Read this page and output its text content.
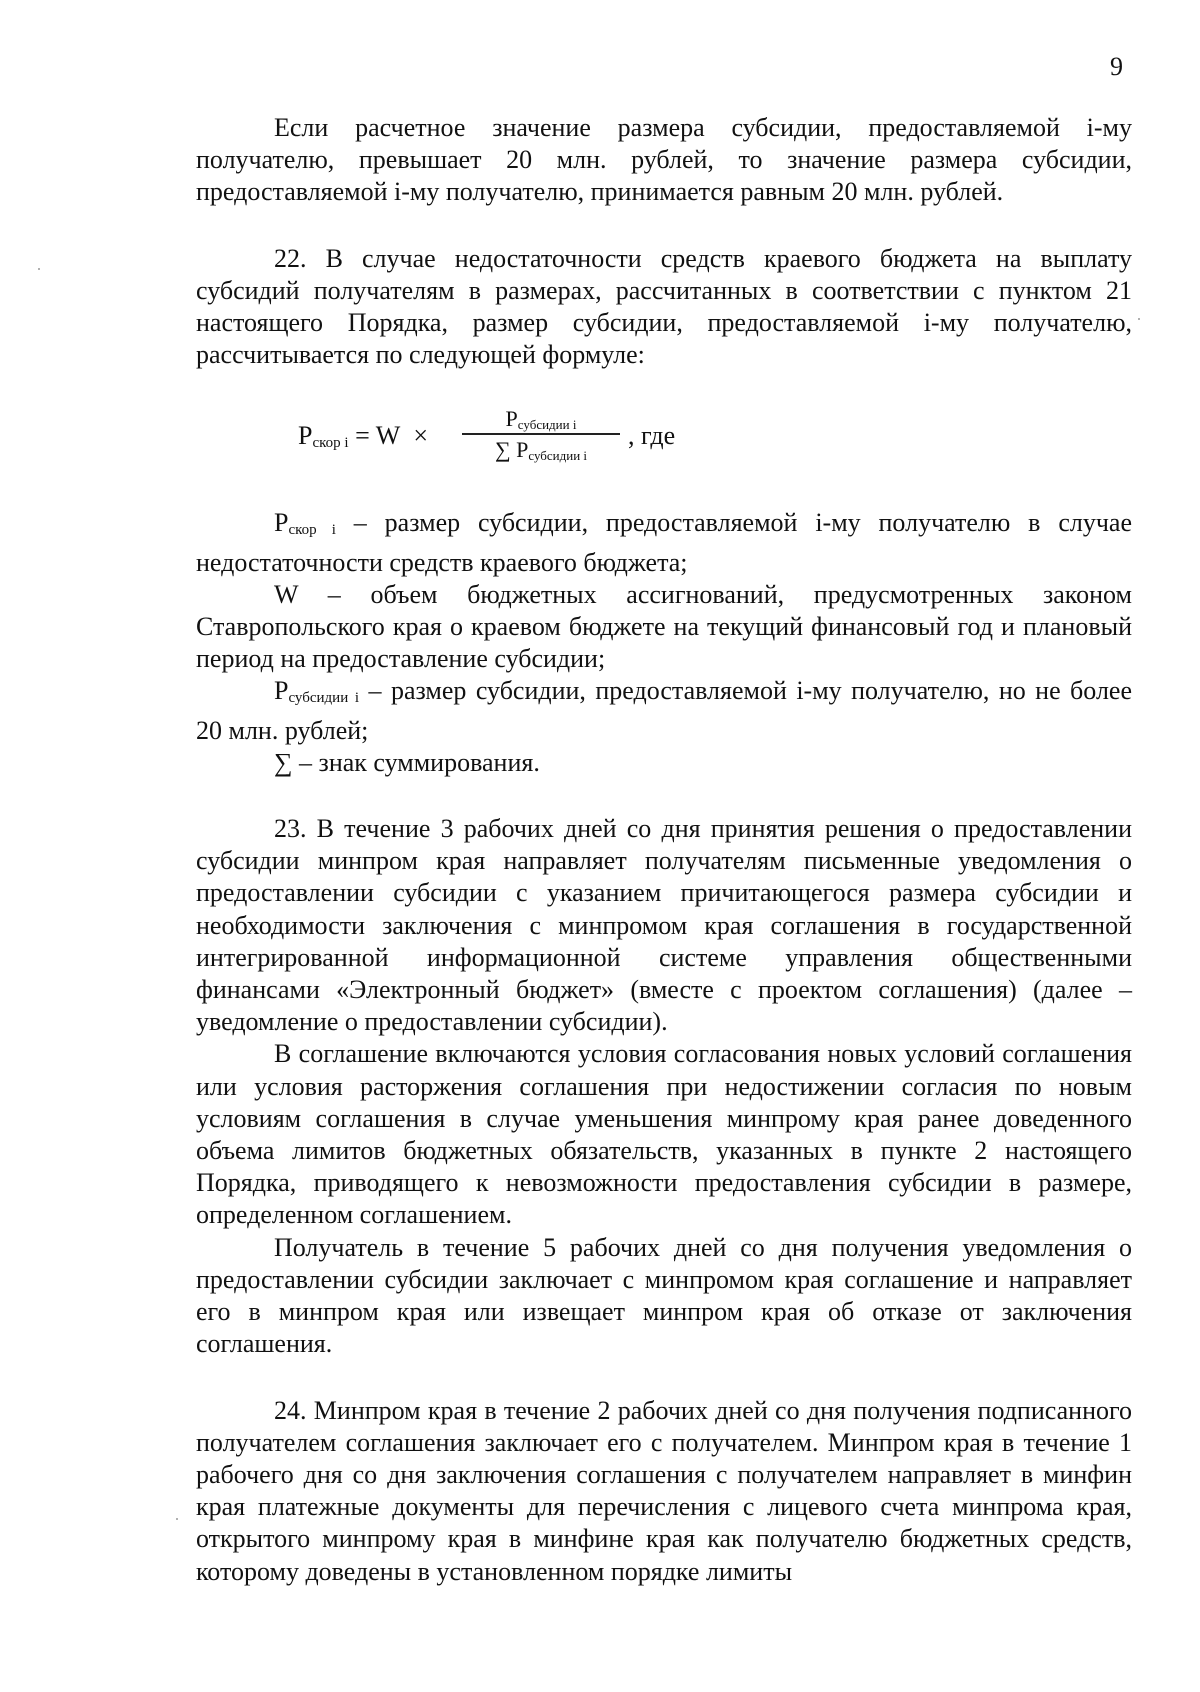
9

Если расчетное значение размера субсидии, предоставляемой i-му получателю, превышает 20 млн. рублей, то значение размера субсидии, предоставляемой i-му получателю, принимается равным 20 млн. рублей.

22. В случае недостаточности средств краевого бюджета на выплату субсидий получателям в размерах, рассчитанных в соответствии с пунктом 21 настоящего Порядка, размер субсидии, предоставляемой i-му получателю, рассчитывается по следующей формуле:

$P_{скор i} = W$ ×
$P_{субсидии i}$
∑ $P_{субсидии i}$
, где

$P_{скор i}$ – размер субсидии, предоставляемой i-му получателю в случае недостаточности средств краевого бюджета;

W – объем бюджетных ассигнований, предусмотренных законом Ставропольского края о краевом бюджете на текущий финансовый год и плановый период на предоставление субсидии;

$P_{субсидии i}$ – размер субсидии, предоставляемой i-му получателю, но не более 20 млн. рублей;

∑ – знак суммирования.

23. В течение 3 рабочих дней со дня принятия решения о предоставлении субсидии минпром края направляет получателям письменные уведомления о предоставлении субсидии с указанием причитающегося размера субсидии и необходимости заключения с минпромом края соглашения в государственной интегрированной информационной системе управления общественными финансами «Электронный бюджет» (вместе с проектом соглашения) (далее – уведомление о предоставлении субсидии).

В соглашение включаются условия согласования новых условий соглашения или условия расторжения соглашения при недостижении согласия по новым условиям соглашения в случае уменьшения минпрому края ранее доведенного объема лимитов бюджетных обязательств, указанных в пункте 2 настоящего Порядка, приводящего к невозможности предоставления субсидии в размере, определенном соглашением.

Получатель в течение 5 рабочих дней со дня получения уведомления о предоставлении субсидии заключает с минпромом края соглашение и направляет его в минпром края или извещает минпром края об отказе от заключения соглашения.

24. Минпром края в течение 2 рабочих дней со дня получения подписанного получателем соглашения заключает его с получателем. Минпром края в течение 1 рабочего дня со дня заключения соглашения с получателем направляет в минфин края платежные документы для перечисления с лицевого счета минпрома края, открытого минпрому края в минфине края как получателю бюджетных средств, которому доведены в установленном порядке лимиты
